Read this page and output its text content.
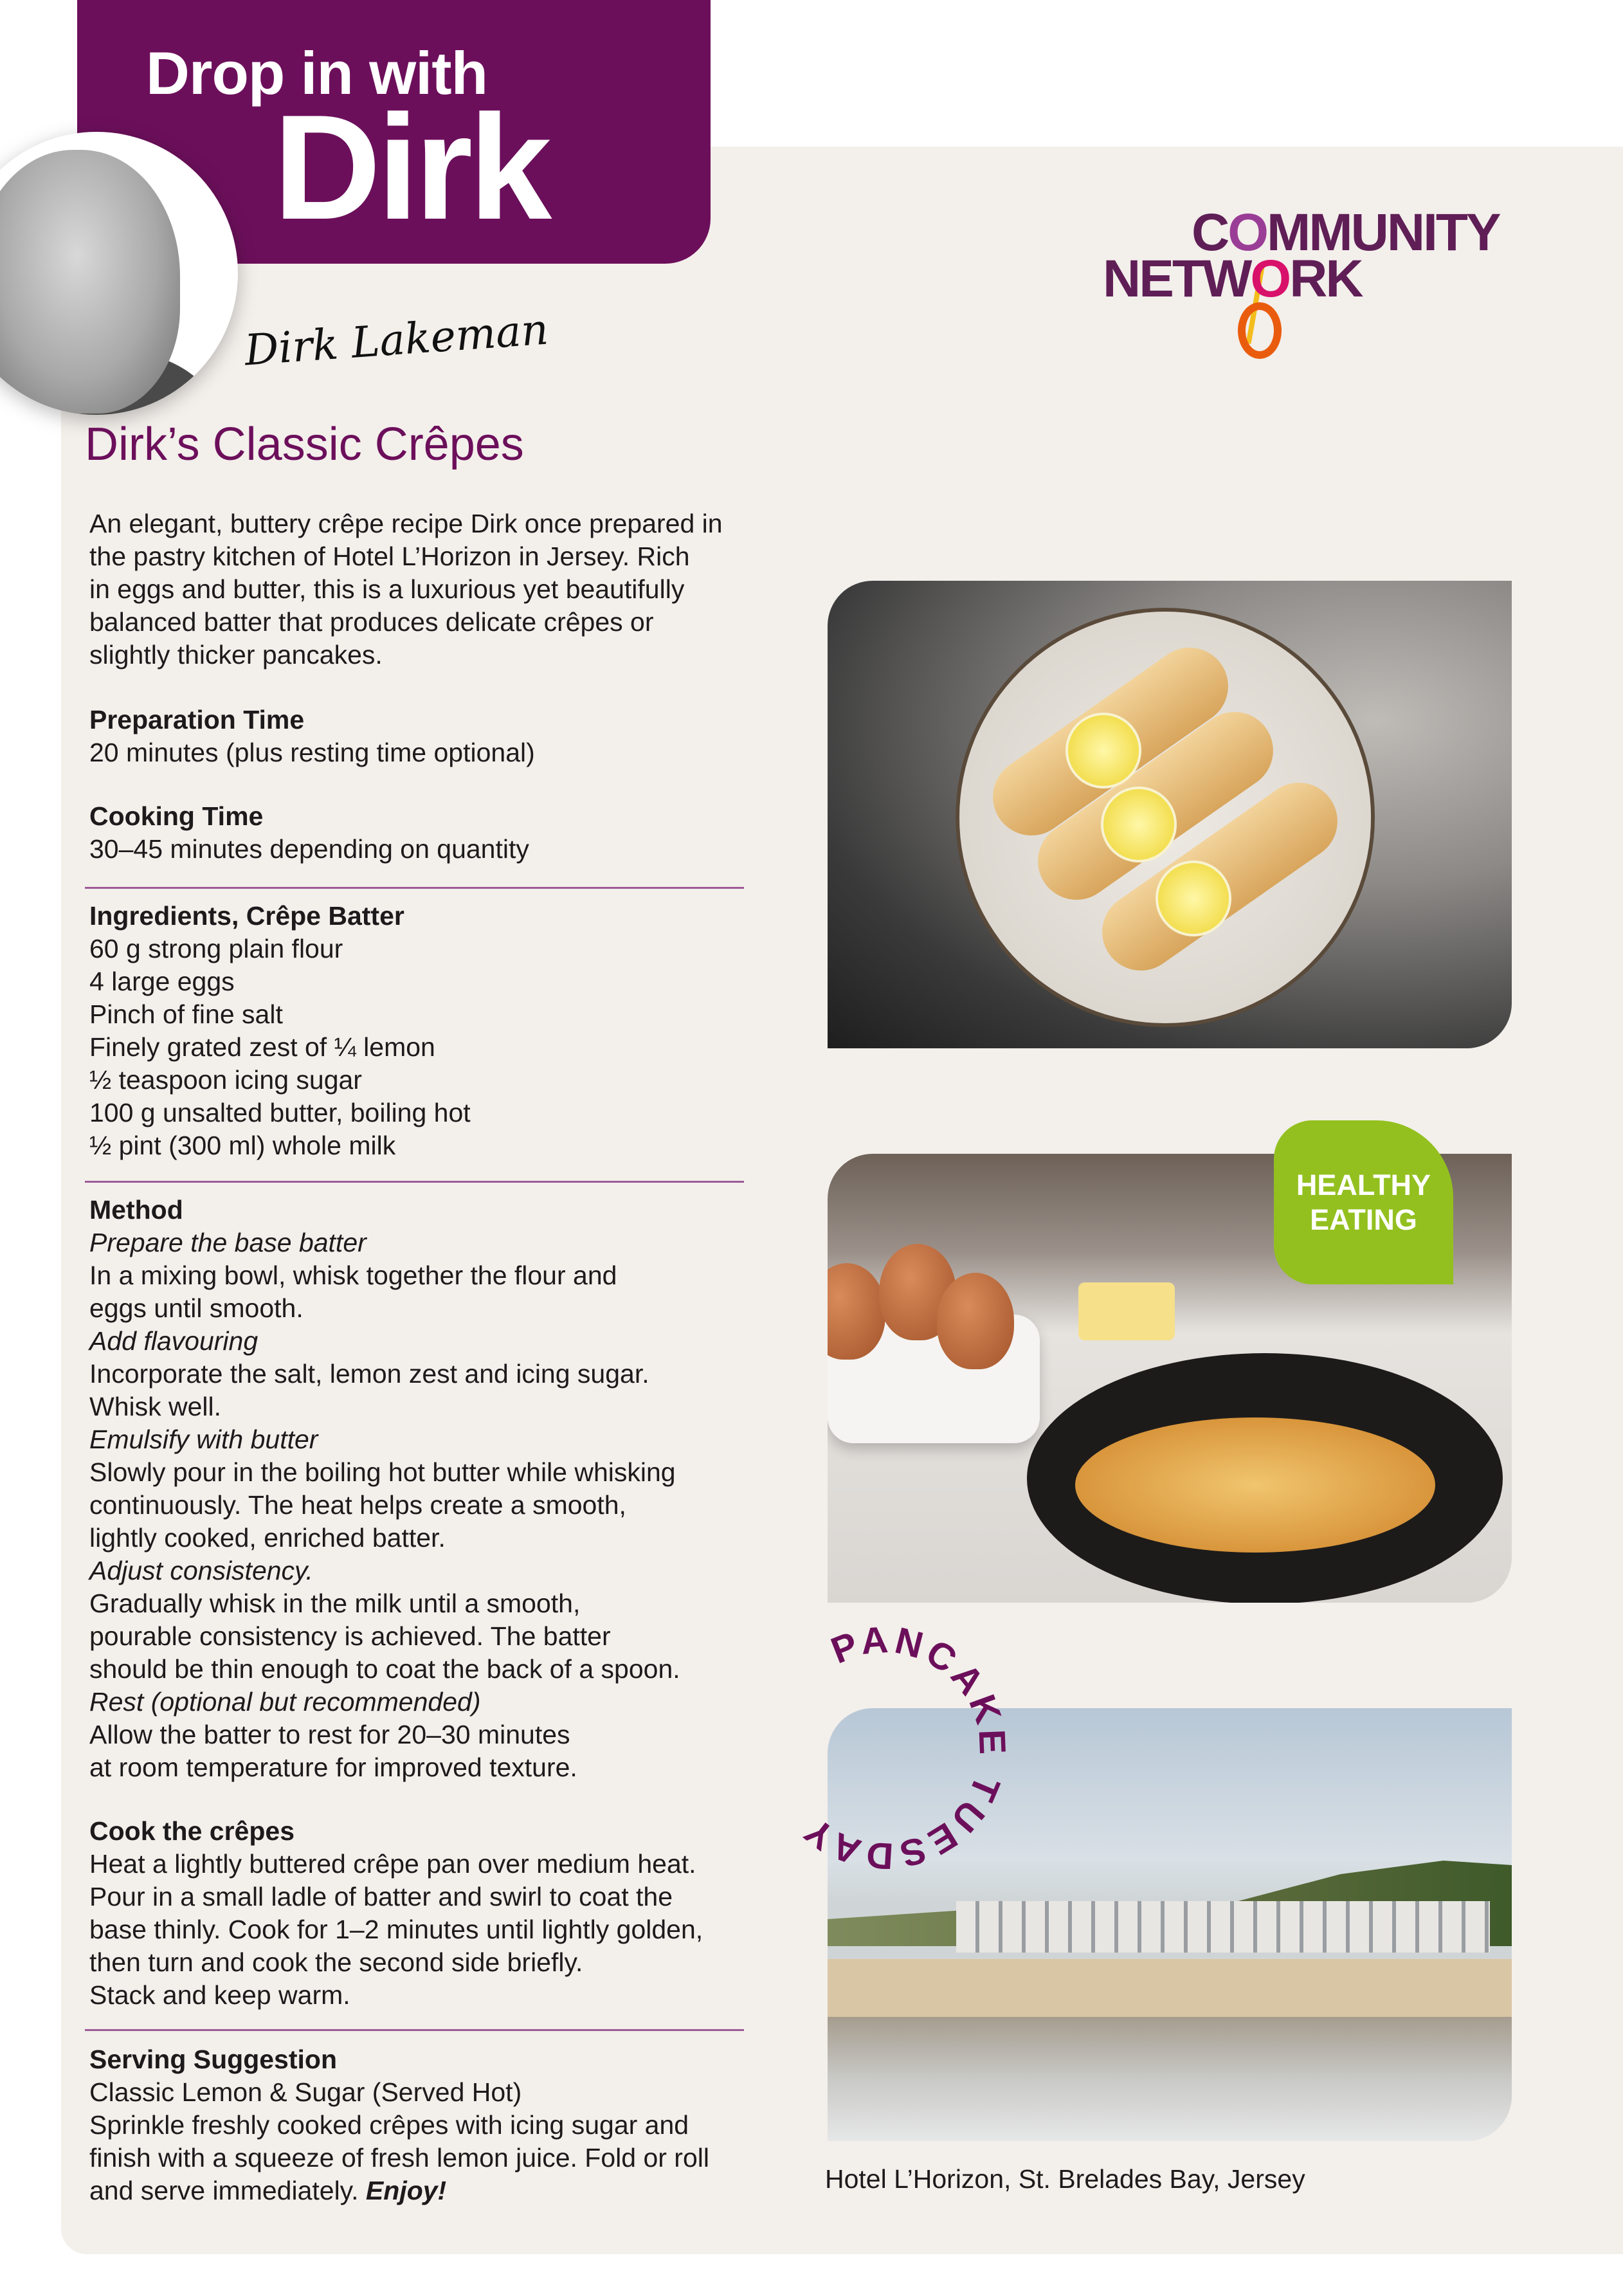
Drop in with
Dirk
Dirk Lakeman
COMMUNITY
NETWORK
Dirk’s Classic Crêpes
An elegant, buttery crêpe recipe Dirk once prepared in
the pastry kitchen of Hotel L’Horizon in Jersey. Rich
in eggs and butter, this is a luxurious yet beautifully
balanced batter that produces delicate crêpes or
slightly thicker pancakes.
Preparation Time
20 minutes (plus resting time optional)
Cooking Time
30–45 minutes depending on quantity
Ingredients, Crêpe Batter
60 g strong plain flour
4 large eggs
Pinch of fine salt
Finely grated zest of ¼ lemon
½ teaspoon icing sugar
100 g unsalted butter, boiling hot
½ pint (300 ml) whole milk
Method
Prepare the base batter
In a mixing bowl, whisk together the flour and
eggs until smooth.
Add flavouring
Incorporate the salt, lemon zest and icing sugar.
Whisk well.
Emulsify with butter
Slowly pour in the boiling hot butter while whisking
continuously. The heat helps create a smooth,
lightly cooked, enriched batter.
Adjust consistency.
Gradually whisk in the milk until a smooth,
pourable consistency is achieved. The batter
should be thin enough to coat the back of a spoon.
Rest (optional but recommended)
Allow the batter to rest for 20–30 minutes
at room temperature for improved texture.
Cook the crêpes
Heat a lightly buttered crêpe pan over medium heat.
Pour in a small ladle of batter and swirl to coat the
base thinly. Cook for 1–2 minutes until lightly golden,
then turn and cook the second side briefly.
Stack and keep warm.
Serving Suggestion
Classic Lemon & Sugar (Served Hot)
Sprinkle freshly cooked crêpes with icing sugar and
finish with a squeeze of fresh lemon juice. Fold or roll
and serve immediately. Enjoy!
HEALTHY
EATING
PANCAKE TUESDAY
Hotel L’Horizon, St. Brelades Bay, Jersey
